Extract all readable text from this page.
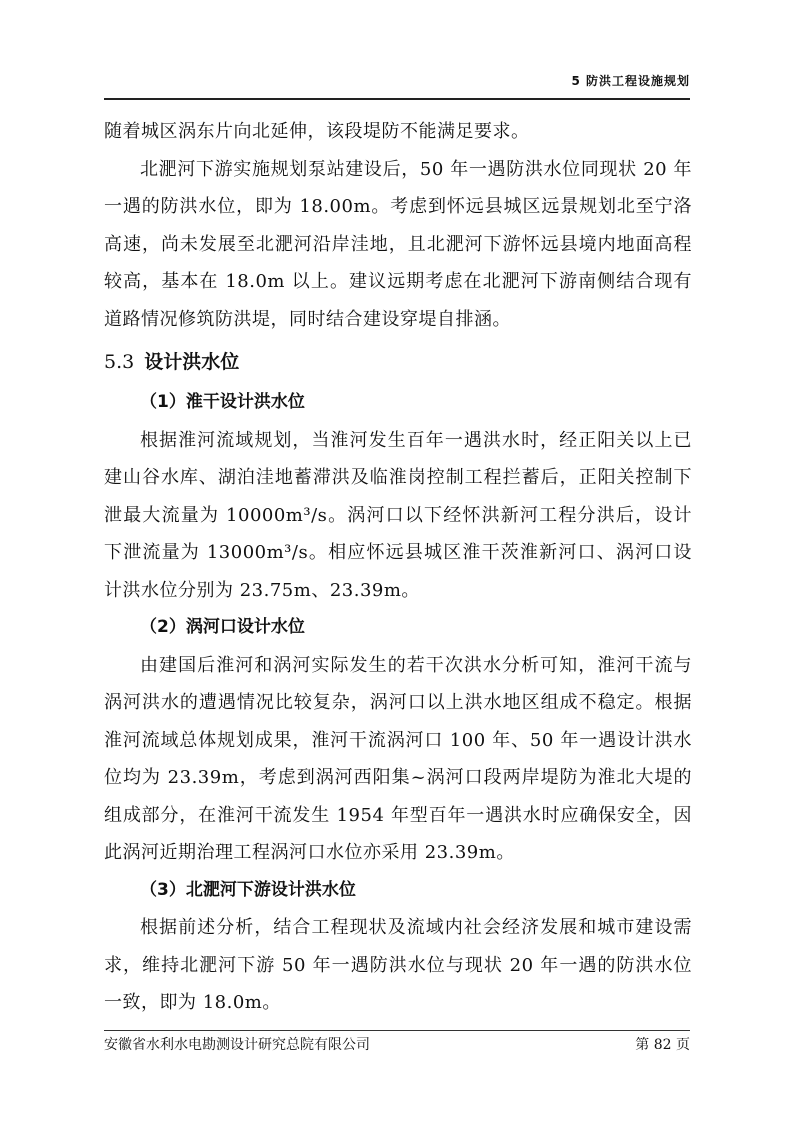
5 防洪工程设施规划

随着城区涡东片向北延伸，该段堤防不能满足要求。

北淝河下游实施规划泵站建设后，50 年一遇防洪水位同现状 20 年一遇的防洪水位，即为 18.00m。考虑到怀远县城区远景规划北至宁洛高速，尚未发展至北淝河沿岸洼地，且北淝河下游怀远县境内地面高程较高，基本在 18.0m 以上。建议远期考虑在北淝河下游南侧结合现有道路情况修筑防洪堤，同时结合建设穿堤自排涵。

5.3 设计洪水位

（1）淮干设计洪水位

根据淮河流域规划，当淮河发生百年一遇洪水时，经正阳关以上已建山谷水库、湖泊洼地蓄滞洪及临淮岗控制工程拦蓄后，正阳关控制下泄最大流量为 10000m³/s。涡河口以下经怀洪新河工程分洪后，设计下泄流量为 13000m³/s。相应怀远县城区淮干茨淮新河口、涡河口设计洪水位分别为 23.75m、23.39m。

（2）涡河口设计水位

由建国后淮河和涡河实际发生的若干次洪水分析可知，淮河干流与涡河洪水的遭遇情况比较复杂，涡河口以上洪水地区组成不稳定。根据淮河流域总体规划成果，淮河干流涡河口 100 年、50 年一遇设计洪水位均为 23.39m，考虑到涡河西阳集~涡河口段两岸堤防为淮北大堤的组成部分，在淮河干流发生 1954 年型百年一遇洪水时应确保安全，因此涡河近期治理工程涡河口水位亦采用 23.39m。

（3）北淝河下游设计洪水位

根据前述分析，结合工程现状及流域内社会经济发展和城市建设需求，维持北淝河下游 50 年一遇防洪水位与现状 20 年一遇的防洪水位一致，即为 18.0m。

安徽省水利水电勘测设计研究总院有限公司	第 82 页
